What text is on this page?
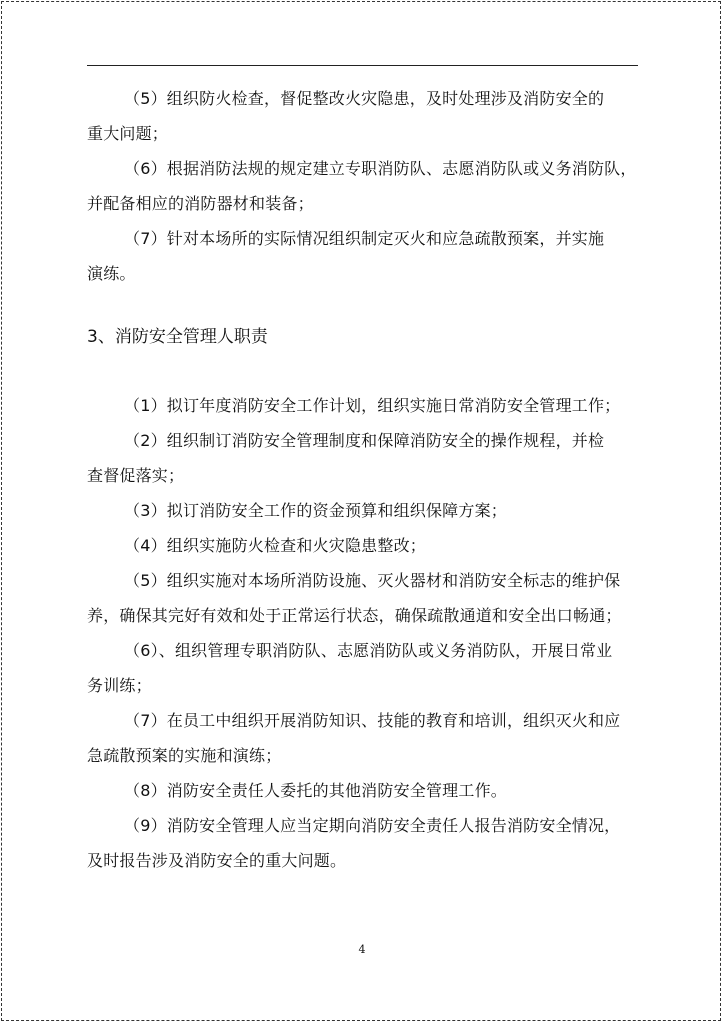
（5）组织防火检查，督促整改火灾隐患，及时处理涉及消防安全的
重大问题；
（6）根据消防法规的规定建立专职消防队、志愿消防队或义务消防队，
并配备相应的消防器材和装备；
（7）针对本场所的实际情况组织制定灭火和应急疏散预案，并实施
演练。
3、消防安全管理人职责
（1）拟订年度消防安全工作计划，组织实施日常消防安全管理工作；
（2）组织制订消防安全管理制度和保障消防安全的操作规程，并检
查督促落实；
（3）拟订消防安全工作的资金预算和组织保障方案；
（4）组织实施防火检查和火灾隐患整改；
（5）组织实施对本场所消防设施、灭火器材和消防安全标志的维护保
养，确保其完好有效和处于正常运行状态，确保疏散通道和安全出口畅通；
（6）、组织管理专职消防队、志愿消防队或义务消防队，开展日常业
务训练；
（7）在员工中组织开展消防知识、技能的教育和培训，组织灭火和应
急疏散预案的实施和演练；
（8）消防安全责任人委托的其他消防安全管理工作。
（9）消防安全管理人应当定期向消防安全责任人报告消防安全情况，
及时报告涉及消防安全的重大问题。
4
